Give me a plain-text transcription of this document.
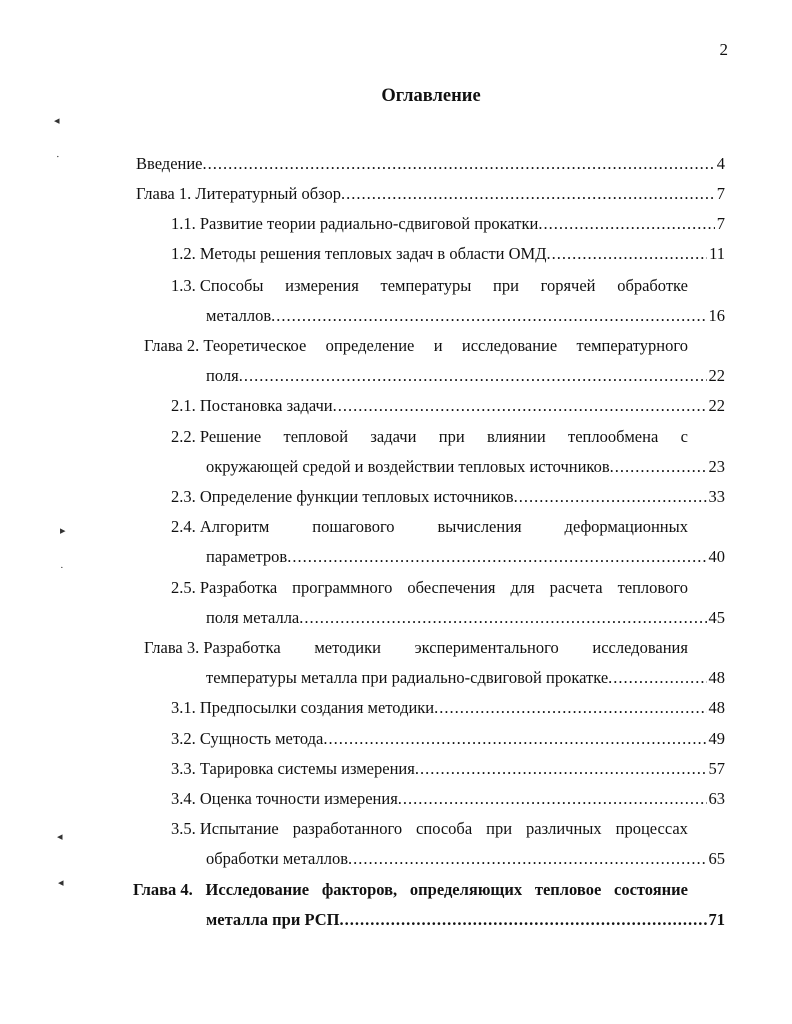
2
Оглавление
◂
ॱ
▸
·
◂
◂
Введение .....	4
Глава 1. Литературный обзор .....	7
1.1. Развитие теории радиально-сдвиговой прокатки .....	7
1.2. Методы решения тепловых задач в области ОМД .....	11
1.3. Способы измерения температуры при горячей обработке
металлов .....	16
Глава 2. Теоретическое определение и исследование температурного
поля .....	22
2.1. Постановка задачи .....	22
2.2. Решение тепловой задачи при влиянии теплообмена с
окружающей средой и воздействии тепловых источников .....	23
2.3. Определение функции тепловых источников .....	33
2.4. Алгоритм	пошагового	вычисления	деформационных
параметров .....	40
2.5. Разработка программного обеспечения для расчета теплового
поля металла .....	45
Глава 3. Разработка методики экспериментального исследования
температуры металла при радиально-сдвиговой прокатке .....	48
3.1. Предпосылки создания методики .....	48
3.2. Сущность метода .....	49
3.3. Тарировка системы измерения .....	57
3.4. Оценка точности измерения .....	63
3.5. Испытание разработанного способа при различных процессах
обработки металлов .....	65
Глава 4. Исследование факторов, определяющих тепловое состояние
металла при РСП .....	71
